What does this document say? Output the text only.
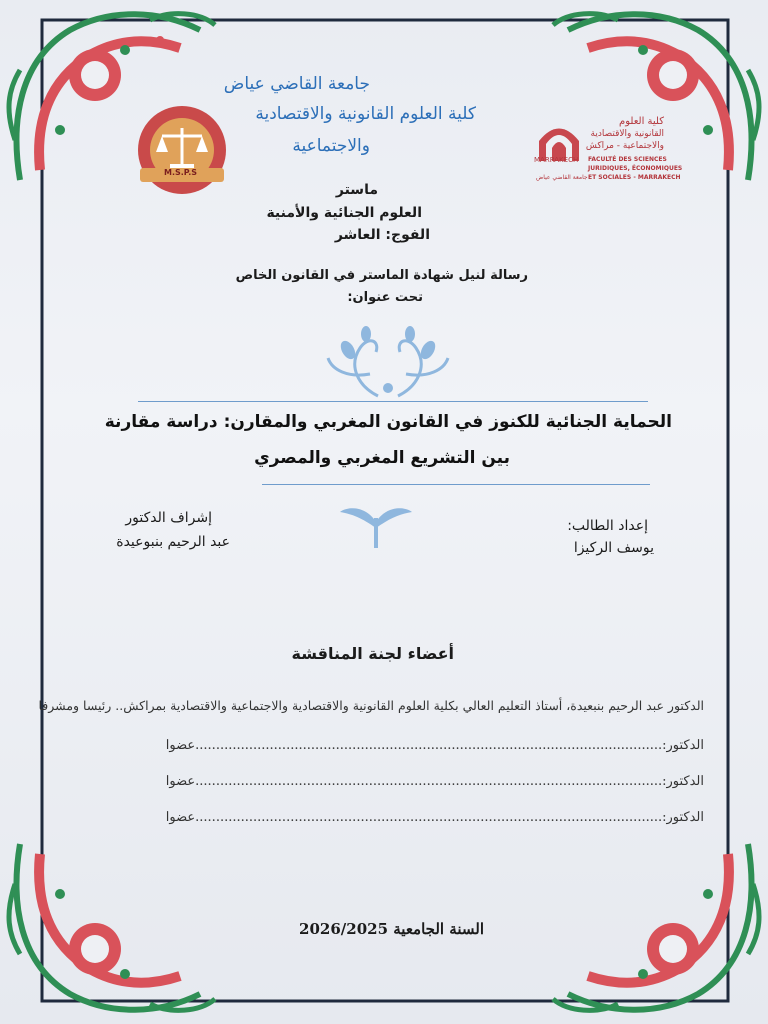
M.S.P.S
MARRAKECH
جامعة القاضي عياض
كلية العلوم
القانونية والاقتصادية
والاجتماعية - مراكش
FACULTÉ DES SCIENCES
JURIDIQUES, ÉCONOMIQUES
ET SOCIALES - MARRAKECH
جامعة القاضي عياض
كلية العلوم القانونية والاقتصادية
والاجتماعية
ماستر
العلوم الجنائية والأمنية
الفوج: العاشر
رسالة لنيل شهادة الماستر في القانون الخاص
تحت عنوان:
الحماية الجنائية للكنوز في القانون المغربي والمقارن: دراسة مقارنة
بين التشريع المغربي والمصري
إعداد الطالب:
يوسف الركيزا
إشراف الدكتور
عبد الرحيم بنبوعيدة
أعضاء لجنة المناقشة
الدكتور عبد الرحيم بنبعيدة، أستاذ التعليم العالي بكلية العلوم القانونية والاقتصادية والاجتماعية والاقتصادية بمراكش.. رئيسا ومشرفا
الدكتور:.................................................................................................................عضوا
الدكتور:.................................................................................................................عضوا
الدكتور:.................................................................................................................عضوا
السنة الجامعية 2026/2025
